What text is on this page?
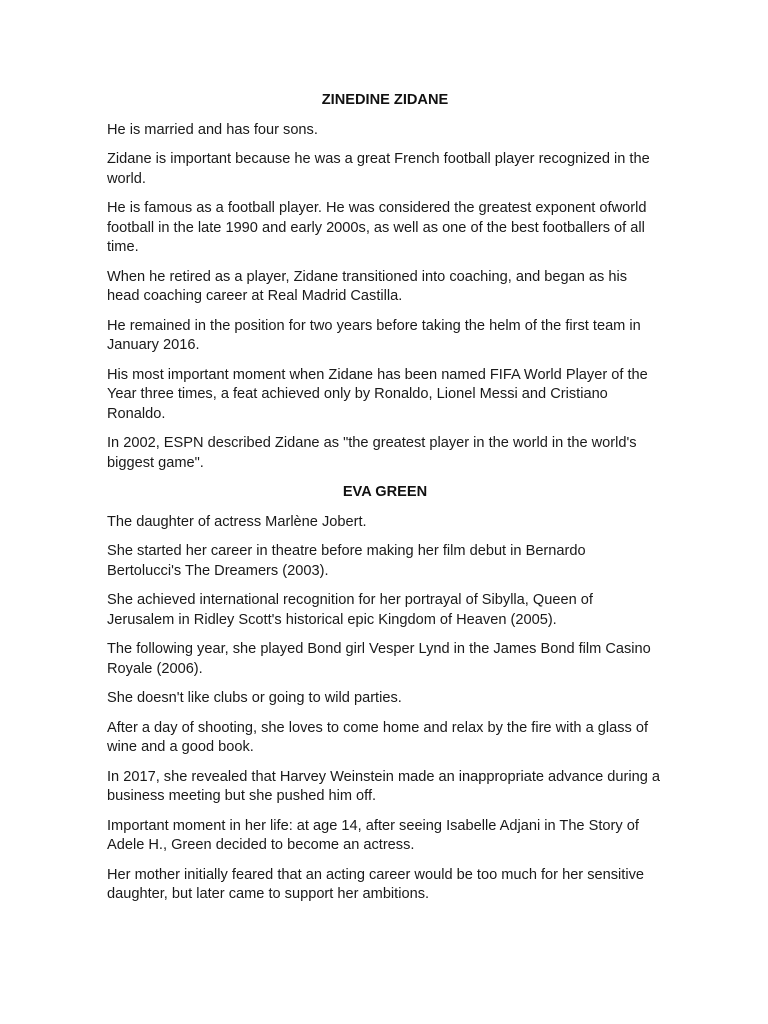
ZINEDINE ZIDANE

He is married and has four sons.

Zidane is important because he was a great French football player recognized in the world.

He is famous as a football player. He was considered the greatest exponent ofworld football in the late 1990 and early 2000s, as well as one of the best footballers of all time.

When he retired as a player, Zidane transitioned into coaching, and began as his head coaching career at Real Madrid Castilla.

He remained in the position for two years before taking the helm of the first team in January 2016.

His most important moment when Zidane has been named FIFA World Player of the Year three times, a feat achieved only by Ronaldo, Lionel Messi and Cristiano Ronaldo.

In 2002, ESPN described Zidane as "the greatest player in the world in the world's biggest game".

EVA GREEN

The daughter of actress Marlène Jobert.

She started her career in theatre before making her film debut in Bernardo Bertolucci's The Dreamers (2003).

She achieved international recognition for her portrayal of Sibylla, Queen of Jerusalem in Ridley Scott's historical epic Kingdom of Heaven (2005).

The following year, she played Bond girl Vesper Lynd in the James Bond film Casino Royale (2006).

She doesn't like clubs or going to wild parties.

After a day of shooting, she loves to come home and relax by the fire with a glass of wine and a good book.

In 2017, she revealed that Harvey Weinstein made an inappropriate advance during a business meeting but she pushed him off.

Important moment in her life: at age 14, after seeing Isabelle Adjani in The Story of Adele H., Green decided to become an actress.

Her mother initially feared that an acting career would be too much for her sensitive daughter, but later came to support her ambitions.
